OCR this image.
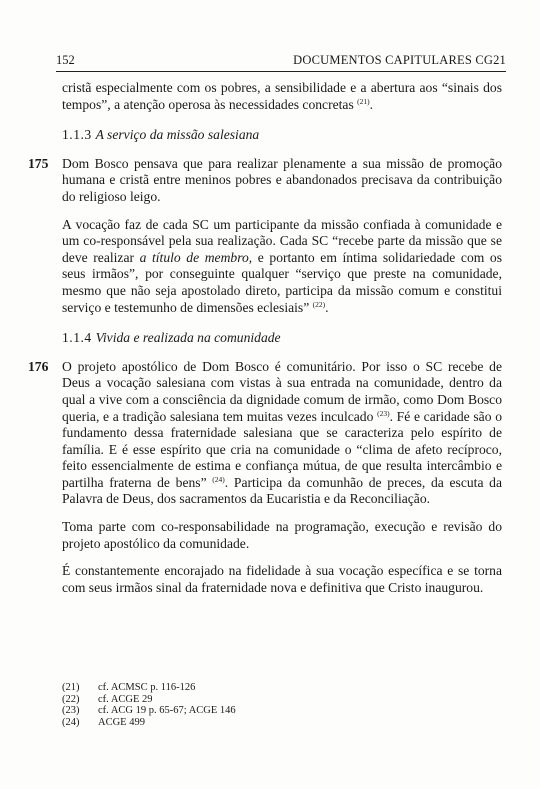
152	DOCUMENTOS CAPITULARES CG21

cristã especialmente com os pobres, a sensibilidade e a abertura aos “sinais dos tempos”, a atenção operosa às necessidades concretas $^{(21)}$.

1.1.3 A serviço da missão salesiana
175 Dom Bosco pensava que para realizar plenamente a sua missão de promoção humana e cristã entre meninos pobres e abandonados precisava da contribuição do religioso leigo.

A vocação faz de cada SC um participante da missão confiada à comunidade e um co-responsável pela sua realização. Cada SC “recebe parte da missão que se deve realizar a título de membro, e portanto em íntima solidariedade com os seus irmãos”, por conseguinte qualquer “serviço que preste na comunidade, mesmo que não seja apostolado direto, participa da missão comum e constitui serviço e testemunho de dimensões eclesiais” $^{(22)}$.

1.1.4 Vivida e realizada na comunidade
176 O projeto apostólico de Dom Bosco é comunitário. Por isso o SC recebe de Deus a vocação salesiana com vistas à sua entrada na comunidade, dentro da qual a vive com a consciência da dignidade comum de irmão, como Dom Bosco queria, e a tradição salesiana tem muitas vezes inculcado $^{(23)}$. Fé e caridade são o fundamento dessa fraternidade salesiana que se caracteriza pelo espírito de família. E é esse espírito que cria na comunidade o “clima de afeto recíproco, feito essencialmente de estima e confiança mútua, de que resulta intercâmbio e partilha fraterna de bens” $^{(24)}$. Participa da comunhão de preces, da escuta da Palavra de Deus, dos sacramentos da Eucaristia e da Reconciliação.

Toma parte com co-responsabilidade na programação, execução e revisão do projeto apostólico da comunidade.

É constantemente encorajado na fidelidade à sua vocação específica e se torna com seus irmãos sinal da fraternidade nova e definitiva que Cristo inaugurou.

(21)	cf. ACMSC p. 116-126
(22)	cf. ACGE 29
(23)	cf. ACG 19 p. 65-67; ACGE 146
(24)	ACGE 499
